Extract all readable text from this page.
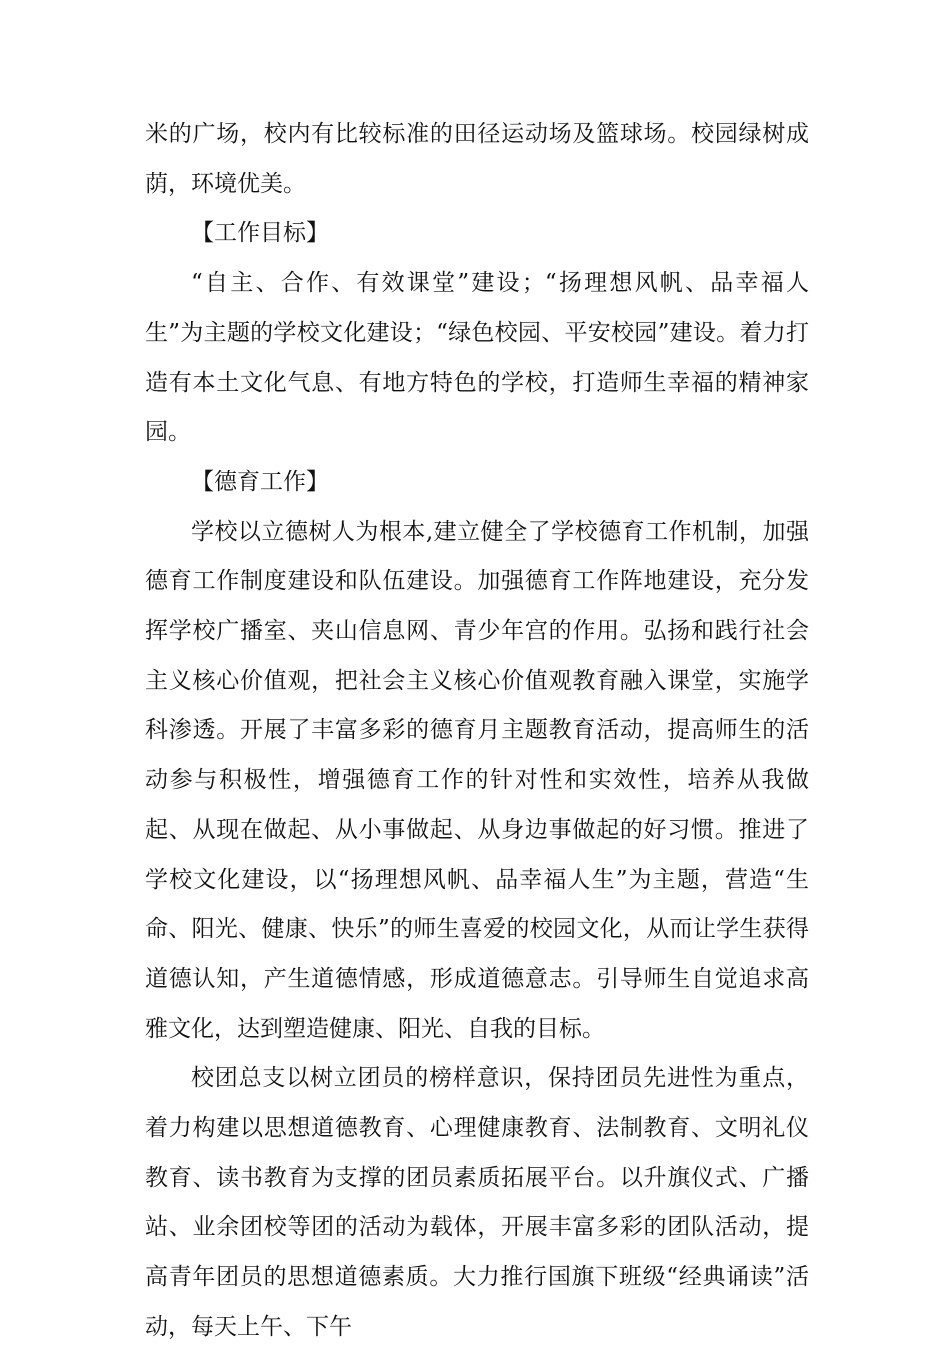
米的广场，校内有比较标准的田径运动场及篮球场。校园绿树成荫，环境优美。

【工作目标】

“自主、合作、有效课堂”建设；“扬理想风帆、品幸福人生”为主题的学校文化建设；“绿色校园、平安校园”建设。着力打造有本土文化气息、有地方特色的学校，打造师生幸福的精神家园。

【德育工作】

学校以立德树人为根本,建立健全了学校德育工作机制，加强德育工作制度建设和队伍建设。加强德育工作阵地建设，充分发挥学校广播室、夹山信息网、青少年宫的作用。弘扬和践行社会主义核心价值观，把社会主义核心价值观教育融入课堂，实施学科渗透。开展了丰富多彩的德育月主题教育活动，提高师生的活动参与积极性，增强德育工作的针对性和实效性，培养从我做起、从现在做起、从小事做起、从身边事做起的好习惯。推进了学校文化建设，以“扬理想风帆、品幸福人生”为主题，营造“生命、阳光、健康、快乐”的师生喜爱的校园文化，从而让学生获得道德认知，产生道德情感，形成道德意志。引导师生自觉追求高雅文化，达到塑造健康、阳光、自我的目标。

校团总支以树立团员的榜样意识，保持团员先进性为重点，着力构建以思想道德教育、心理健康教育、法制教育、文明礼仪教育、读书教育为支撑的团员素质拓展平台。以升旗仪式、广播站、业余团校等团的活动为载体，开展丰富多彩的团队活动，提高青年团员的思想道德素质。大力推行国旗下班级“经典诵读”活动，每天上午、下午
